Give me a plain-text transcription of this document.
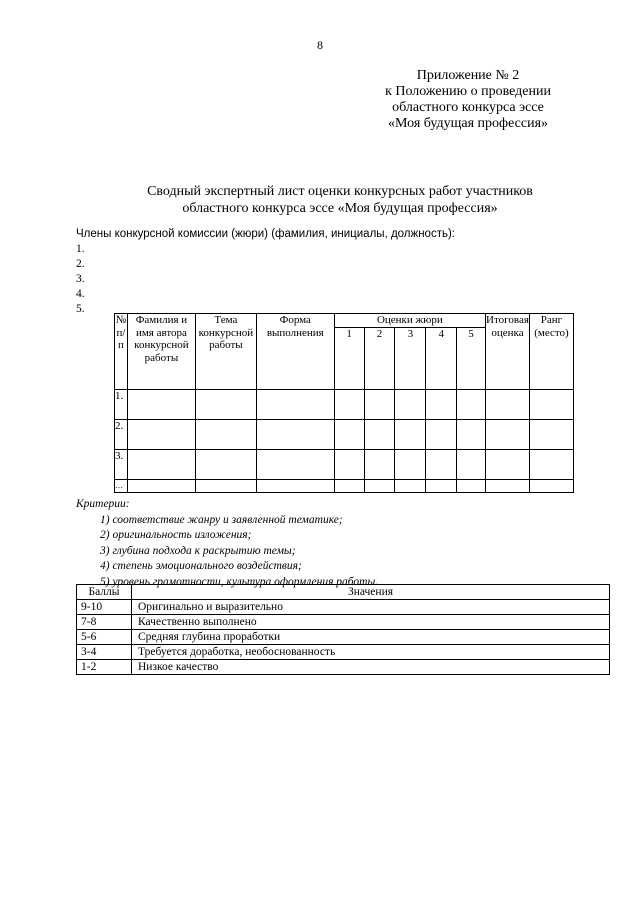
8
Приложение № 2
к Положению о проведении
областного конкурса эссе
«Моя будущая профессия»
Сводный экспертный лист оценки конкурсных работ участников
областного конкурса эссе «Моя будущая профессия»
Члены конкурсной комиссии (жюри) (фамилия, инициалы, должность):
1.
2.
3.
4.
5.
№ п/п	Фамилия и имя автора конкурсной работы	Тема конкурсной работы	Форма выполнения	Оценки жюри					Итоговая оценка	Ранг (место)
				1	2	3	4	5		
1.										
2.										
3.										
…										
Критерии:
1) соответствие жанру и заявленной тематике;
2) оригинальность изложения;
3) глубина подхода к раскрытию темы;
4) степень эмоционального воздействия;
5) уровень грамотности, культура оформления работы.
Баллы	Значения
9-10	Оригинально и выразительно
7-8	Качественно выполнено
5-6	Средняя глубина проработки
3-4	Требуется доработка, необоснованность
1-2	Низкое качество
